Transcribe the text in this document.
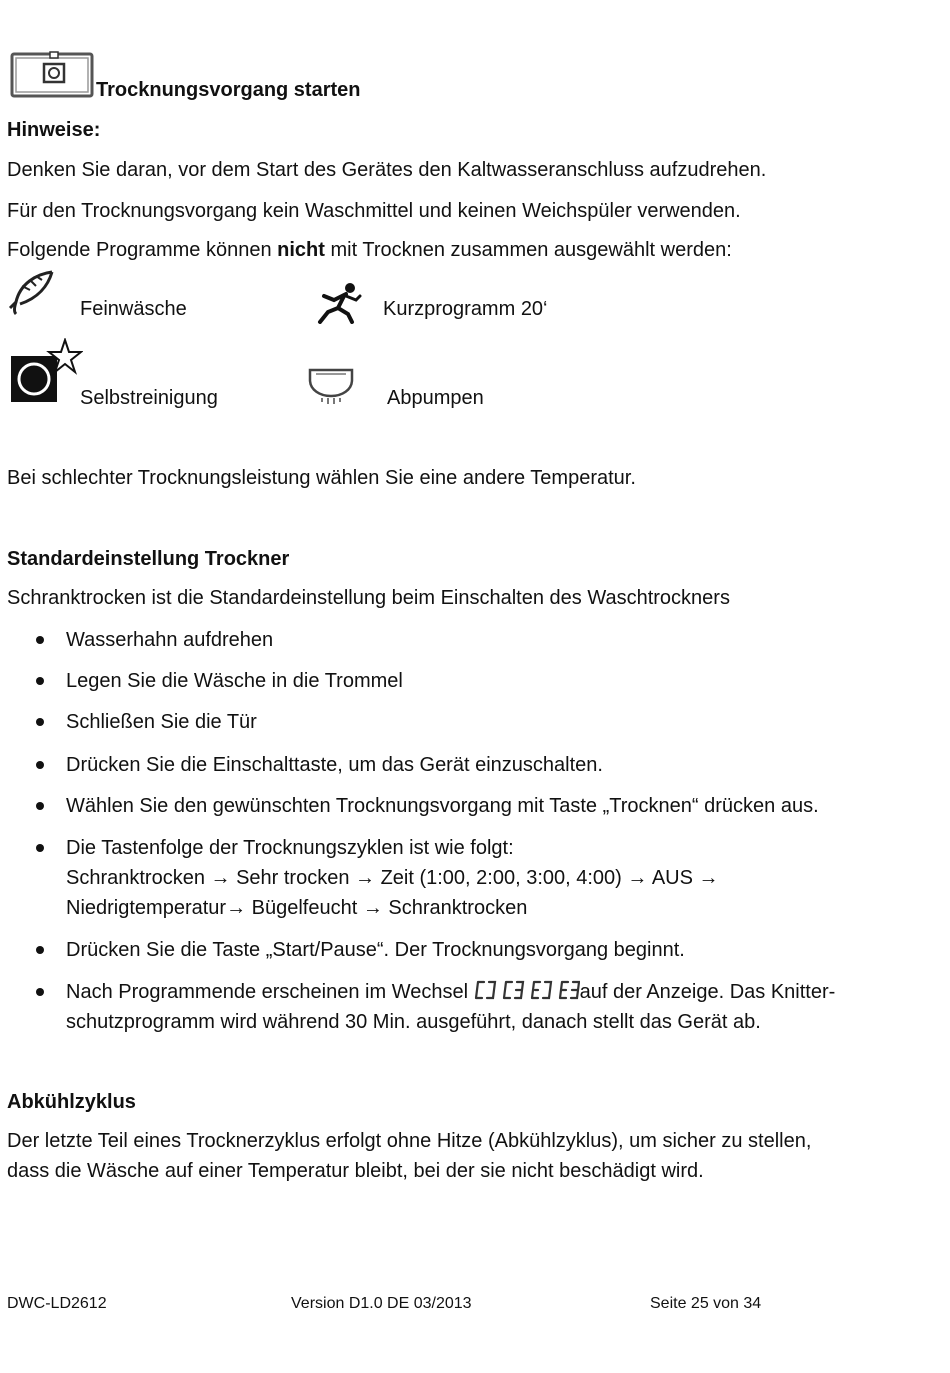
Trocknungsvorgang starten
Hinweise:
Denken Sie daran, vor dem Start des Gerätes den Kaltwasseranschluss aufzudrehen.
Für den Trocknungsvorgang kein Waschmittel und keinen Weichspüler verwenden.
Folgende Programme können nicht mit Trocknen zusammen ausgewählt werden:
Feinwäsche	Kurzprogramm 20‘
Selbstreinigung	Abpumpen
Bei schlechter Trocknungsleistung wählen Sie eine andere Temperatur.
Standardeinstellung Trockner
Schranktrocken ist die Standardeinstellung beim Einschalten des Waschtrockners
Wasserhahn aufdrehen
Legen Sie die Wäsche in die Trommel
Schließen Sie die Tür
Drücken Sie die Einschalttaste, um das Gerät einzuschalten.
Wählen Sie den gewünschten Trocknungsvorgang mit Taste „Trocknen“ drücken aus.
Die Tastenfolge der Trocknungszyklen ist wie folgt:
Schranktrocken → Sehr trocken → Zeit (1:00, 2:00, 3:00, 4:00) → AUS →
Niedrigtemperatur→ Bügelfeucht → Schranktrocken
Drücken Sie die Taste „Start/Pause“. Der Trocknungsvorgang beginnt.
Nach Programmende erscheinen im Wechsel	auf der Anzeige. Das Knitter-
schutzprogramm wird während 30 Min. ausgeführt, danach stellt das Gerät ab.
Abkühlzyklus
Der letzte Teil eines Trocknerzyklus erfolgt ohne Hitze (Abkühlzyklus), um sicher zu stellen,
dass die Wäsche auf einer Temperatur bleibt, bei der sie nicht beschädigt wird.
DWC-LD2612	Version D1.0 DE 03/2013	Seite 25 von 34
